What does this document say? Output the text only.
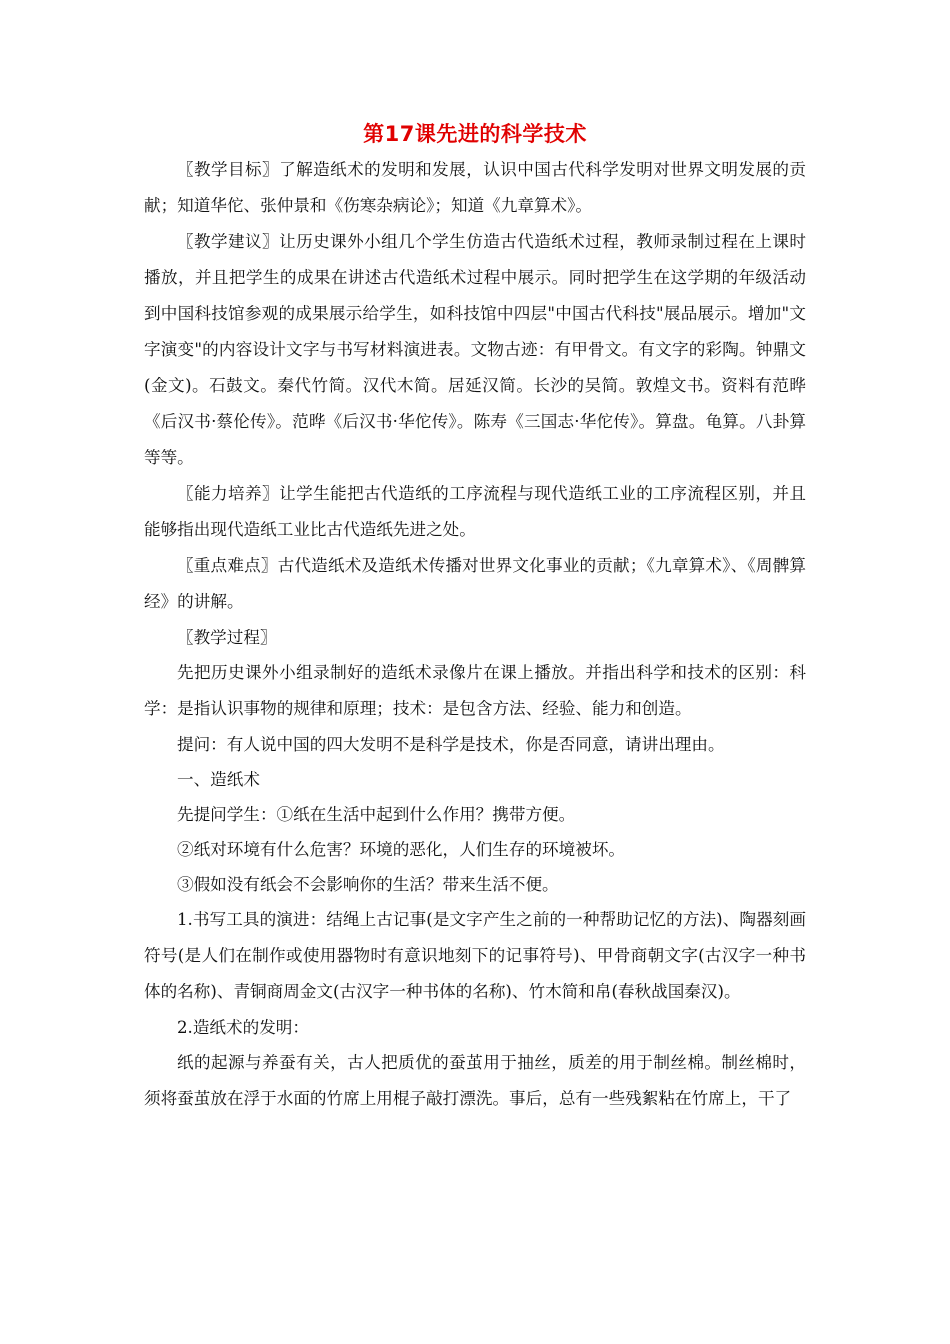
第17课先进的科学技术

〖教学目标〗了解造纸术的发明和发展，认识中国古代科学发明对世界文明发展的贡献；知道华佗、张仲景和《伤寒杂病论》；知道《九章算术》。

〖教学建议〗让历史课外小组几个学生仿造古代造纸术过程，教师录制过程在上课时播放，并且把学生的成果在讲述古代造纸术过程中展示。同时把学生在这学期的年级活动到中国科技馆参观的成果展示给学生，如科技馆中四层"中国古代科技"展品展示。增加"文字演变"的内容设计文字与书写材料演进表。文物古迹：有甲骨文。有文字的彩陶。钟鼎文(金文)。石鼓文。秦代竹简。汉代木简。居延汉简。长沙的吴简。敦煌文书。资料有范晔《后汉书·蔡伦传》。范晔《后汉书·华佗传》。陈寿《三国志·华佗传》。算盘。龟算。八卦算等等。

〖能力培养〗让学生能把古代造纸的工序流程与现代造纸工业的工序流程区别，并且能够指出现代造纸工业比古代造纸先进之处。

〖重点难点〗古代造纸术及造纸术传播对世界文化事业的贡献；《九章算术》、《周髀算经》的讲解。

〖教学过程〗

先把历史课外小组录制好的造纸术录像片在课上播放。并指出科学和技术的区别：科学：是指认识事物的规律和原理；技术：是包含方法、经验、能力和创造。

提问：有人说中国的四大发明不是科学是技术，你是否同意，请讲出理由。

一、造纸术

先提问学生：①纸在生活中起到什么作用？携带方便。

②纸对环境有什么危害？环境的恶化，人们生存的环境被坏。

③假如没有纸会不会影响你的生活？带来生活不便。

1.书写工具的演进：结绳上古记事(是文字产生之前的一种帮助记忆的方法)、陶器刻画符号(是人们在制作或使用器物时有意识地刻下的记事符号)、甲骨商朝文字(古汉字一种书体的名称)、青铜商周金文(古汉字一种书体的名称)、竹木简和帛(春秋战国秦汉)。

2.造纸术的发明：

纸的起源与养蚕有关，古人把质优的蚕茧用于抽丝，质差的用于制丝棉。制丝棉时，须将蚕茧放在浮于水面的竹席上用棍子敲打漂洗。事后，总有一些残絮粘在竹席上，干了
